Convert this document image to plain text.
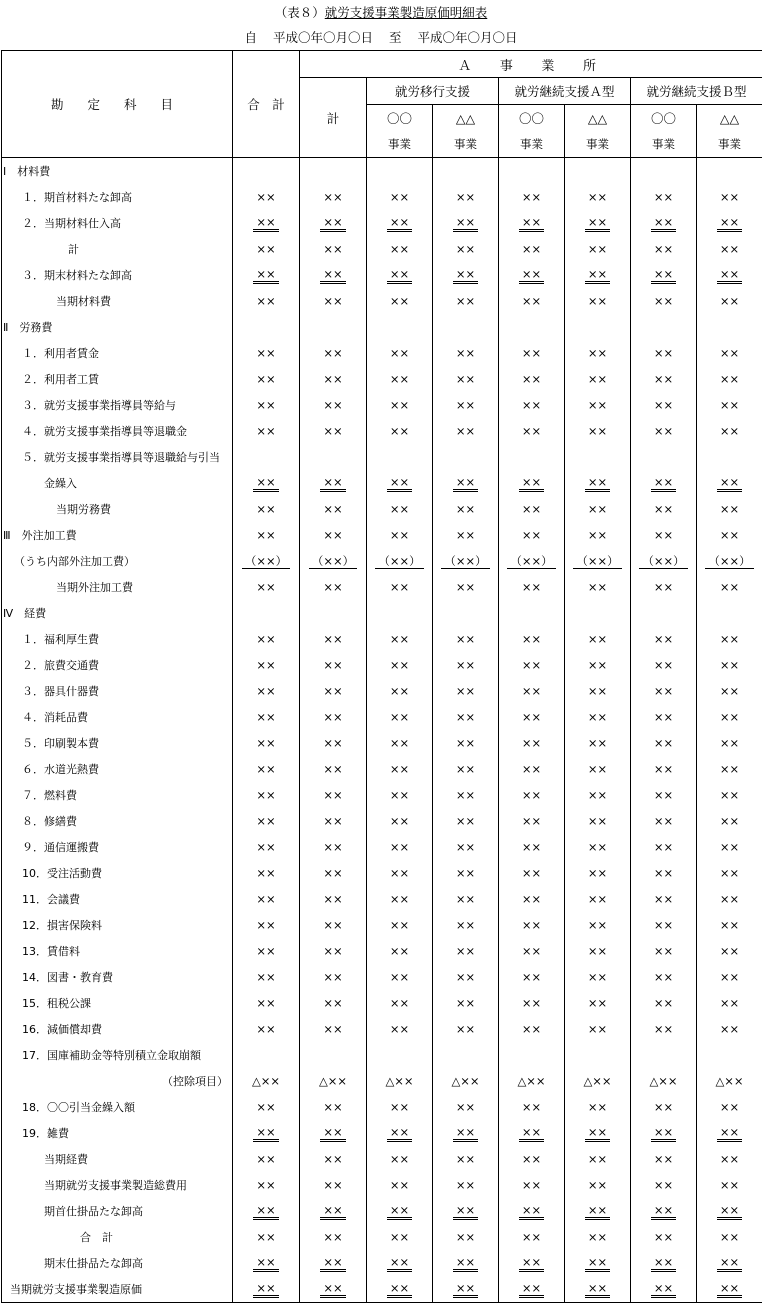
（表８）就労支援事業製造原価明細表
自 平成〇年〇月〇日 至 平成〇年〇月〇日
勘 定 科 目	合　計	Ａ　事　業　所						
		計	就労移行支援		就労継続支援Ａ型		就労継続支援Ｂ型	
			〇〇	△△	〇〇	△△	〇〇	△△
			事業	事業	事業	事業	事業	事業
Ⅰ　材料費								
１．期首材料たな卸高	××	××	××	××	××	××	××	××
２．当期材料仕入高	××	××	××	××	××	××	××	××
計	××	××	××	××	××	××	××	××
３．期末材料たな卸高	××	××	××	××	××	××	××	××
当期材料費	××	××	××	××	××	××	××	××
Ⅱ　労務費								
１．利用者賃金	××	××	××	××	××	××	××	××
２．利用者工賃	××	××	××	××	××	××	××	××
３．就労支援事業指導員等給与	××	××	××	××	××	××	××	××
４．就労支援事業指導員等退職金	××	××	××	××	××	××	××	××
５．就労支援事業指導員等退職給与引当								
金繰入	××	××	××	××	××	××	××	××
当期労務費	××	××	××	××	××	××	××	××
Ⅲ　外注加工費	××	××	××	××	××	××	××	××
（うち内部外注加工費）	（××）	（××）	（××）	（××）	（××）	（××）	（××）	（××）
当期外注加工費	××	××	××	××	××	××	××	××
Ⅳ　経費								
１．福利厚生費	××	××	××	××	××	××	××	××
２．旅費交通費	××	××	××	××	××	××	××	××
３．器具什器費	××	××	××	××	××	××	××	××
４．消耗品費	××	××	××	××	××	××	××	××
５．印刷製本費	××	××	××	××	××	××	××	××
６．水道光熱費	××	××	××	××	××	××	××	××
７．燃料費	××	××	××	××	××	××	××	××
８．修繕費	××	××	××	××	××	××	××	××
９．通信運搬費	××	××	××	××	××	××	××	××
10．受注活動費	××	××	××	××	××	××	××	××
11．会議費	××	××	××	××	××	××	××	××
12．損害保険料	××	××	××	××	××	××	××	××
13．賃借料	××	××	××	××	××	××	××	××
14．図書・教育費	××	××	××	××	××	××	××	××
15．租税公課	××	××	××	××	××	××	××	××
16．減価償却費	××	××	××	××	××	××	××	××
17．国庫補助金等特別積立金取崩額								
（控除項目）	△××	△××	△××	△××	△××	△××	△××	△××
18．〇〇引当金繰入額	××	××	××	××	××	××	××	××
19．雑費	××	××	××	××	××	××	××	××
当期経費	××	××	××	××	××	××	××	××
当期就労支援事業製造総費用	××	××	××	××	××	××	××	××
期首仕掛品たな卸高	××	××	××	××	××	××	××	××
合　計	××	××	××	××	××	××	××	××
期末仕掛品たな卸高	××	××	××	××	××	××	××	××
当期就労支援事業製造原価	××	××	××	××	××	××	××	××
